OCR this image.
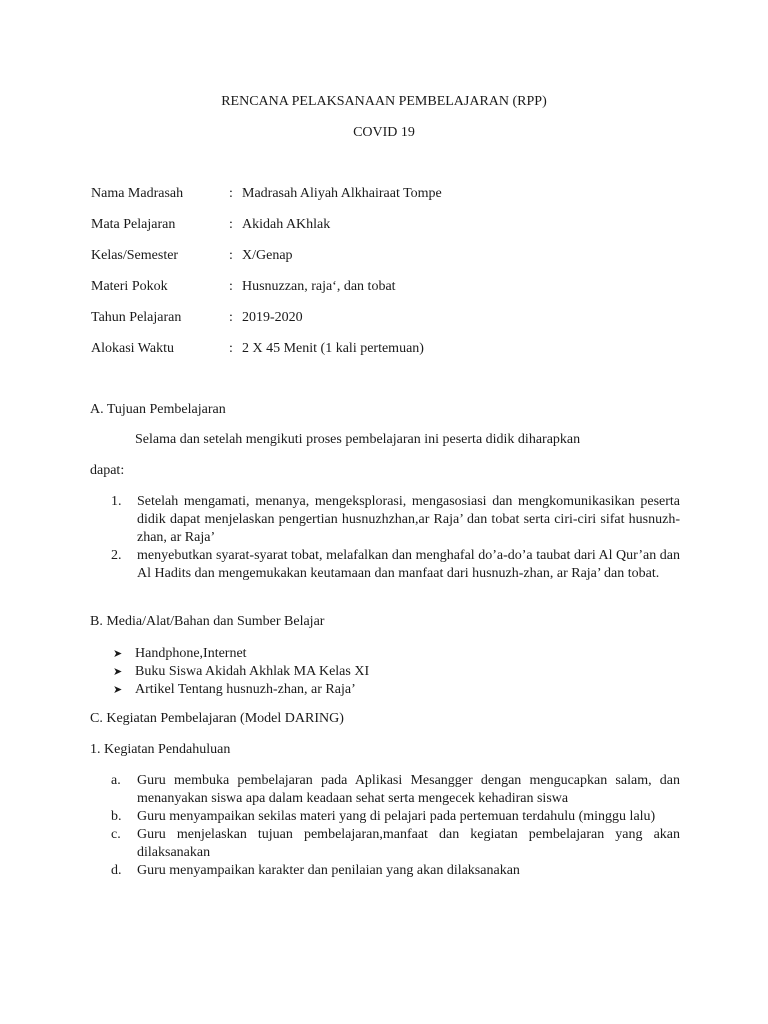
RENCANA PELAKSANAAN PEMBELAJARAN (RPP)
COVID 19
Nama Madrasah	: Madrasah Aliyah Alkhairaat Tompe
Mata Pelajaran	: Akidah AKhlak
Kelas/Semester	: X/Genap
Materi Pokok	: Husnuzzan, raja‘, dan tobat
Tahun Pelajaran	: 2019-2020
Alokasi Waktu	: 2 X 45 Menit (1 kali pertemuan)
A. Tujuan Pembelajaran
Selama dan setelah mengikuti proses pembelajaran ini peserta didik diharapkan
dapat:
1. Setelah mengamati, menanya, mengeksplorasi, mengasosiasi dan mengkomunikasikan peserta didik dapat menjelaskan pengertian husnuzhzhan,ar Raja’ dan tobat serta ciri-ciri sifat husnuzh-zhan, ar Raja’
2. menyebutkan syarat-syarat tobat, melafalkan dan menghafal do’a-do’a taubat dari Al Qur’an dan Al Hadits dan mengemukakan keutamaan dan manfaat dari husnuzh-zhan, ar Raja’ dan tobat.
B. Media/Alat/Bahan dan Sumber Belajar
➤ Handphone,Internet
➤ Buku Siswa Akidah Akhlak MA Kelas XI
➤ Artikel Tentang husnuzh-zhan, ar Raja’
C. Kegiatan Pembelajaran (Model DARING)
1. Kegiatan Pendahuluan
a. Guru membuka pembelajaran pada Aplikasi Mesangger dengan mengucapkan salam, dan menanyakan siswa apa dalam keadaan sehat serta mengecek kehadiran siswa
b. Guru menyampaikan sekilas materi yang di pelajari pada pertemuan terdahulu (minggu lalu)
c. Guru menjelaskan tujuan pembelajaran,manfaat dan kegiatan pembelajaran yang akan dilaksanakan
d. Guru menyampaikan karakter dan penilaian yang akan dilaksanakan
